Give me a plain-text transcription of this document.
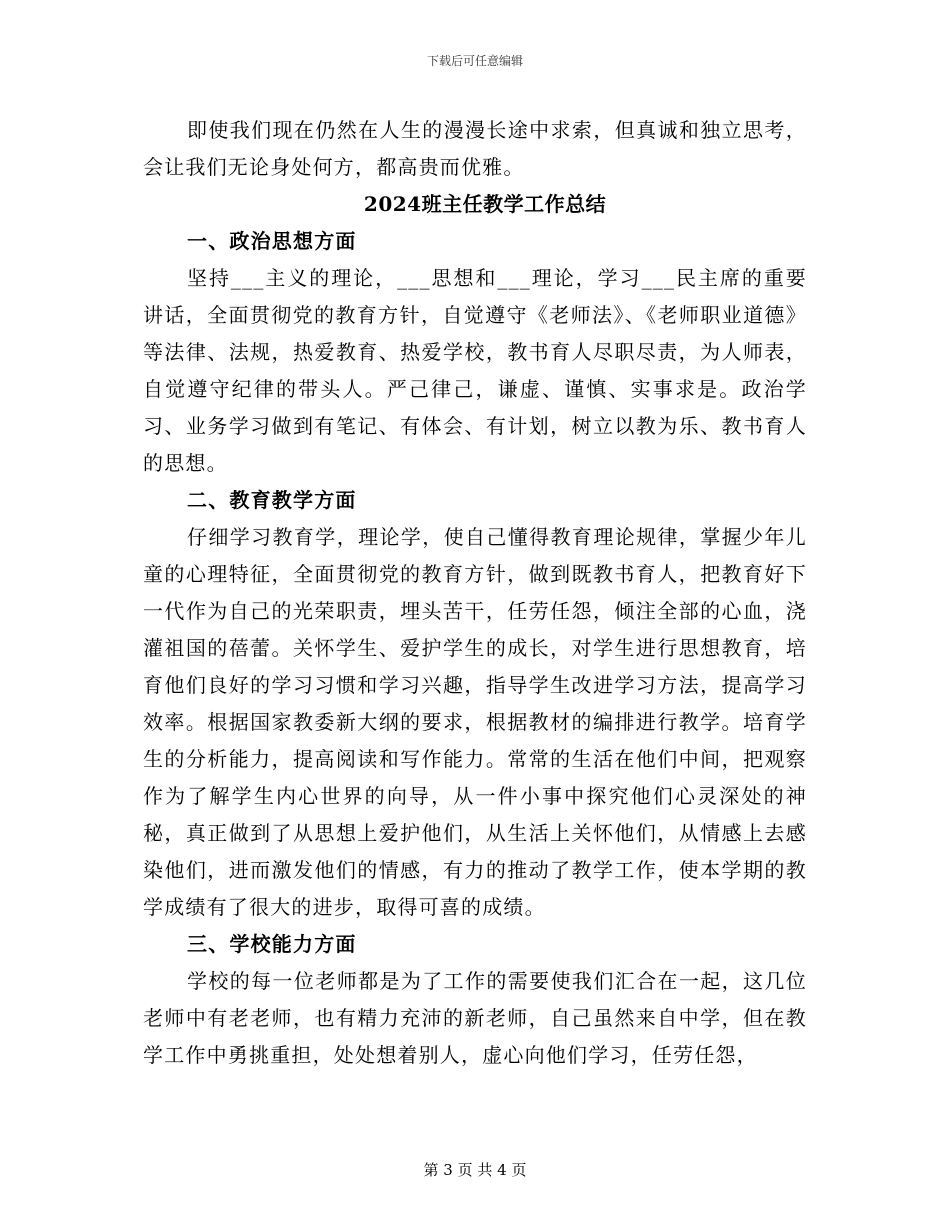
下载后可任意编辑

即使我们现在仍然在人生的漫漫长途中求索，但真诚和独立思考，会让我们无论身处何方，都高贵而优雅。

2024班主任教学工作总结

一、政治思想方面

坚持___主义的理论，___思想和___理论，学习___民主席的重要讲话，全面贯彻党的教育方针，自觉遵守《老师法》、《老师职业道德》等法律、法规，热爱教育、热爱学校，教书育人尽职尽责，为人师表，自觉遵守纪律的带头人。严己律己，谦虚、谨慎、实事求是。政治学习、业务学习做到有笔记、有体会、有计划，树立以教为乐、教书育人的思想。

二、教育教学方面

仔细学习教育学，理论学，使自己懂得教育理论规律，掌握少年儿童的心理特征，全面贯彻党的教育方针，做到既教书育人，把教育好下一代作为自己的光荣职责，埋头苦干，任劳任怨，倾注全部的心血，浇灌祖国的蓓蕾。关怀学生、爱护学生的成长，对学生进行思想教育，培育他们良好的学习习惯和学习兴趣，指导学生改进学习方法，提高学习效率。根据国家教委新大纲的要求，根据教材的编排进行教学。培育学生的分析能力，提高阅读和写作能力。常常的生活在他们中间，把观察作为了解学生内心世界的向导，从一件小事中探究他们心灵深处的神秘，真正做到了从思想上爱护他们，从生活上关怀他们，从情感上去感染他们，进而激发他们的情感，有力的推动了教学工作，使本学期的教学成绩有了很大的进步，取得可喜的成绩。

三、学校能力方面

学校的每一位老师都是为了工作的需要使我们汇合在一起，这几位老师中有老老师，也有精力充沛的新老师，自己虽然来自中学，但在教学工作中勇挑重担，处处想着别人，虚心向他们学习，任劳任怨，

第 3 页 共 4 页
